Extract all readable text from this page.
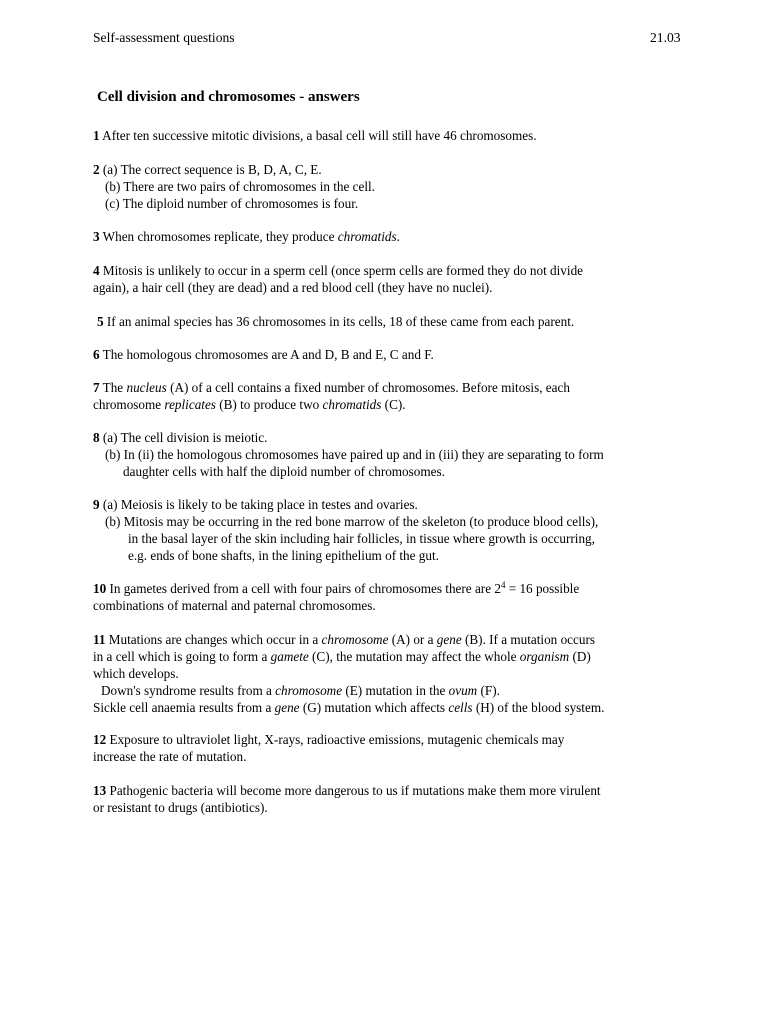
Self-assessment questions	21.03
Cell division and chromosomes - answers
1 After ten successive mitotic divisions, a basal cell will still have 46 chromosomes.
2 (a) The correct sequence is B, D, A, C, E.
(b) There are two pairs of chromosomes in the cell.
(c) The diploid number of chromosomes is four.
3 When chromosomes replicate, they produce chromatids.
4 Mitosis is unlikely to occur in a sperm cell (once sperm cells are formed they do not divide
again), a hair cell (they are dead) and a red blood cell (they have no nuclei).
5 If an animal species has 36 chromosomes in its cells, 18 of these came from each parent.
6 The homologous chromosomes are A and D, B and E, C and F.
7 The nucleus (A) of a cell contains a fixed number of chromosomes. Before mitosis, each
chromosome replicates (B) to produce two chromatids (C).
8 (a) The cell division is meiotic.
(b) In (ii) the homologous chromosomes have paired up and in (iii) they are separating to form
daughter cells with half the diploid number of chromosomes.
9 (a) Meiosis is likely to be taking place in testes and ovaries.
(b) Mitosis may be occurring in the red bone marrow of the skeleton (to produce blood cells),
in the basal layer of the skin including hair follicles, in tissue where growth is occurring,
e.g. ends of bone shafts, in the lining epithelium of the gut.
10 In gametes derived from a cell with four pairs of chromosomes there are $2^4 = 16$ possible
combinations of maternal and paternal chromosomes.
11 Mutations are changes which occur in a chromosome (A) or a gene (B). If a mutation occurs
in a cell which is going to form a gamete (C), the mutation may affect the whole organism (D)
which develops.
Down's syndrome results from a chromosome (E) mutation in the ovum (F).
Sickle cell anaemia results from a gene (G) mutation which affects cells (H) of the blood system.
12 Exposure to ultraviolet light, X-rays, radioactive emissions, mutagenic chemicals may
increase the rate of mutation.
13 Pathogenic bacteria will become more dangerous to us if mutations make them more virulent
or resistant to drugs (antibiotics).
